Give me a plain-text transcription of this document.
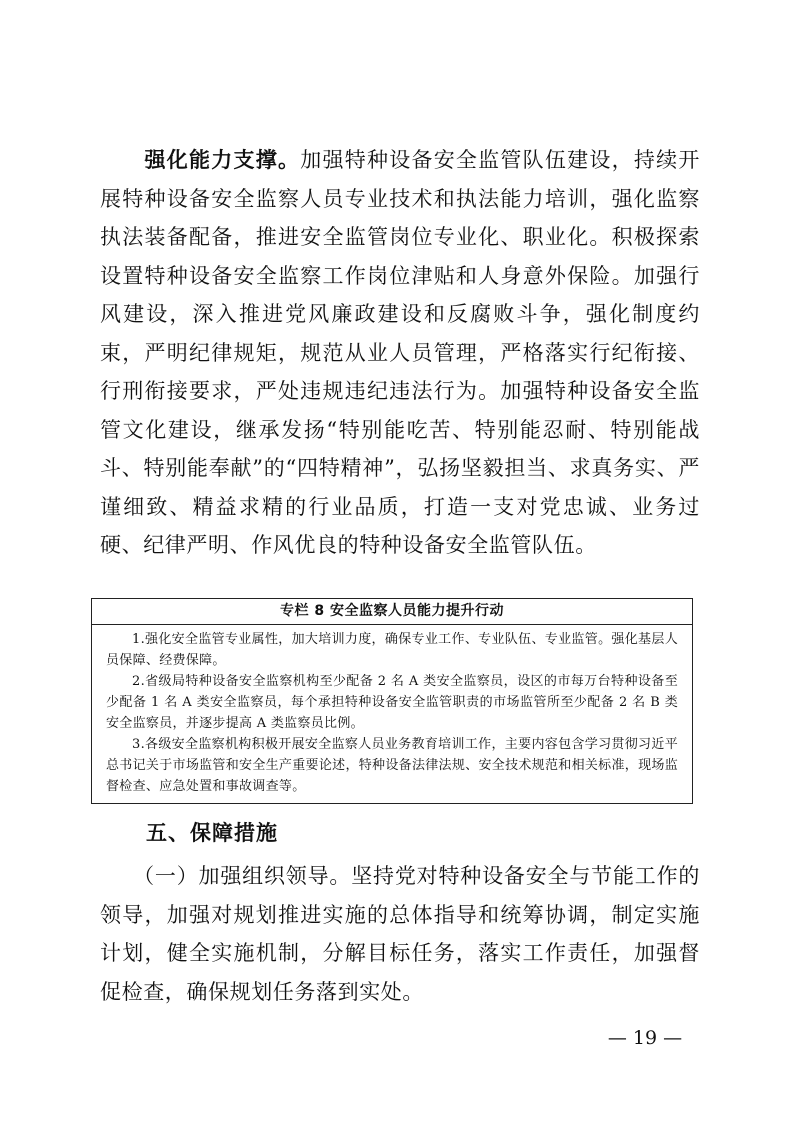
　　强化能力支撑。加强特种设备安全监管队伍建设，持续开展特种设备安全监察人员专业技术和执法能力培训，强化监察执法装备配备，推进安全监管岗位专业化、职业化。积极探索设置特种设备安全监察工作岗位津贴和人身意外保险。加强行风建设，深入推进党风廉政建设和反腐败斗争，强化制度约束，严明纪律规矩，规范从业人员管理，严格落实行纪衔接、行刑衔接要求，严处违规违纪违法行为。加强特种设备安全监管文化建设，继承发扬“特别能吃苦、特别能忍耐、特别能战斗、特别能奉献”的“四特精神”，弘扬坚毅担当、求真务实、严谨细致、精益求精的行业品质，打造一支对党忠诚、业务过硬、纪律严明、作风优良的特种设备安全监管队伍。

专栏 8 安全监察人员能力提升行动

1.强化安全监管专业属性，加大培训力度，确保专业工作、专业队伍、专业监管。强化基层人员保障、经费保障。

2.省级局特种设备安全监察机构至少配备 2 名 A 类安全监察员，设区的市每万台特种设备至少配备 1 名 A 类安全监察员，每个承担特种设备安全监管职责的市场监管所至少配备 2 名 B 类安全监察员，并逐步提高 A 类监察员比例。

3.各级安全监察机构积极开展安全监察人员业务教育培训工作，主要内容包含学习贯彻习近平总书记关于市场监管和安全生产重要论述，特种设备法律法规、安全技术规范和相关标准，现场监督检查、应急处置和事故调查等。

五、保障措施

　　（一）加强组织领导。坚持党对特种设备安全与节能工作的领导，加强对规划推进实施的总体指导和统筹协调，制定实施计划，健全实施机制，分解目标任务，落实工作责任，加强督促检查，确保规划任务落到实处。

— 19 —
